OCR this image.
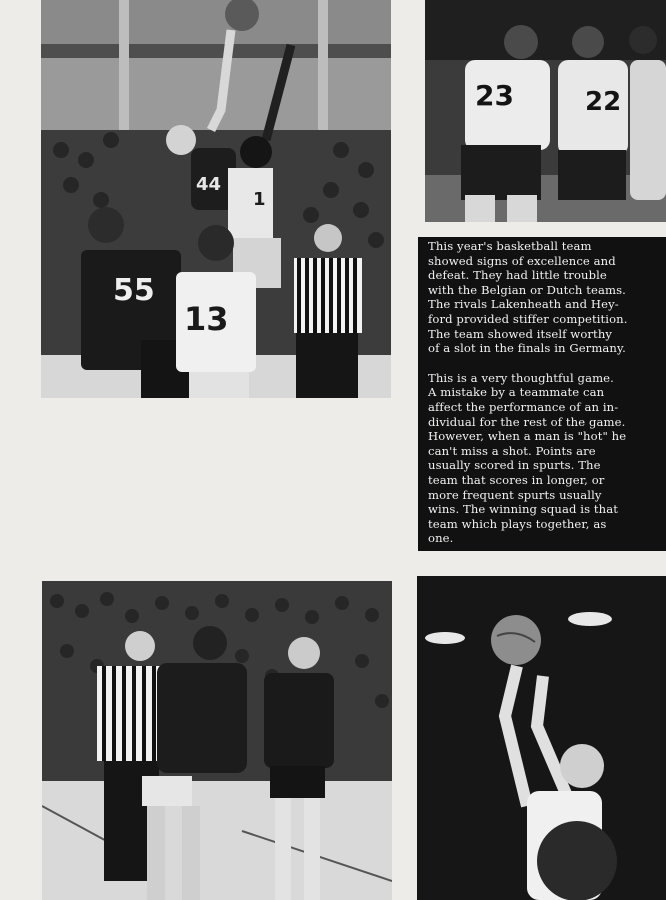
44
1
55
13
23	22

This year's basketball team
showed signs of excellence and
defeat. They had little trouble
with the Belgian or Dutch teams.
The rivals Lakenheath and Hey-
ford provided stiffer competition.
The team showed itself worthy
of a slot in the finals in Germany.

This is a very thoughtful game.
A mistake by a teammate can
affect the performance of an in-
dividual for the rest of the game.
However, when a man is "hot" he
can't miss a shot. Points are
usually scored in spurts. The
team that scores in longer, or
more frequent spurts usually
wins. The winning squad is that
team which plays together, as
one.
